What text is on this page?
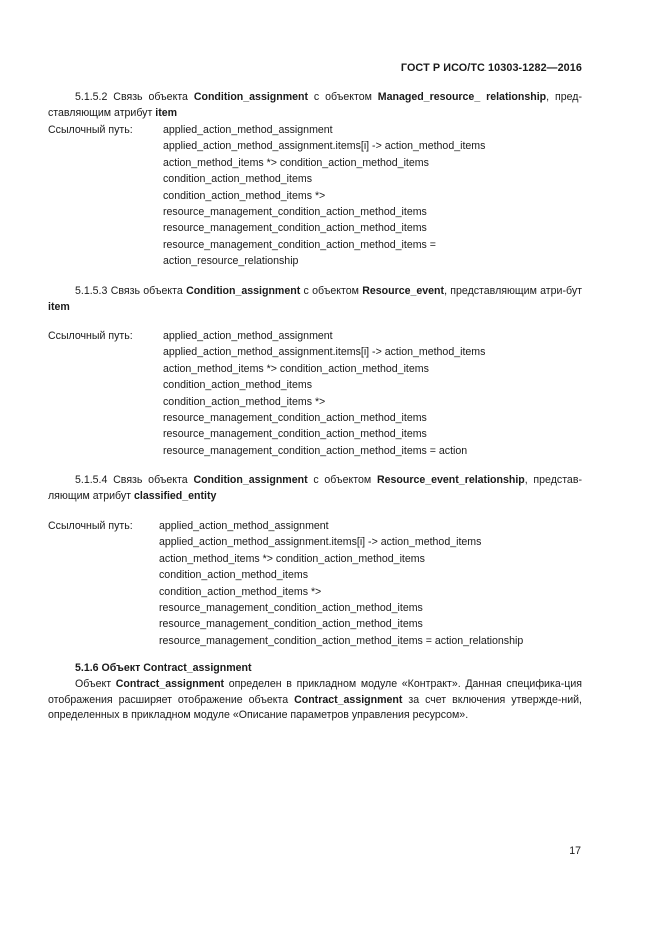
ГОСТ Р ИСО/ТС 10303-1282—2016
5.1.5.2 Связь объекта Condition_assignment с объектом Managed_resource_ relationship, пред-ставляющим атрибут item
Ссылочный путь:	applied_action_method_assignment
applied_action_method_assignment.items[i] -> action_method_items
action_method_items *> condition_action_method_items
condition_action_method_items
condition_action_method_items *>
resource_management_condition_action_method_items
resource_management_condition_action_method_items
resource_management_condition_action_method_items =
action_resource_relationship
5.1.5.3 Связь объекта Condition_assignment с объектом Resource_event, представляющим атри-бут item
Ссылочный путь:	applied_action_method_assignment
applied_action_method_assignment.items[i] -> action_method_items
action_method_items *> condition_action_method_items
condition_action_method_items
condition_action_method_items *>
resource_management_condition_action_method_items
resource_management_condition_action_method_items
resource_management_condition_action_method_items = action
5.1.5.4 Связь объекта Condition_assignment с объектом Resource_event_relationship, представ-ляющим атрибут classified_entity
Ссылочный путь: applied_action_method_assignment
applied_action_method_assignment.items[i] -> action_method_items
action_method_items *> condition_action_method_items
condition_action_method_items
condition_action_method_items *>
resource_management_condition_action_method_items
resource_management_condition_action_method_items
resource_management_condition_action_method_items = action_relationship
5.1.6 Объект Contract_assignment
Объект Contract_assignment определен в прикладном модуле «Контракт». Данная специфика-ция отображения расширяет отображение объекта Contract_assignment за счет включения утвержде-ний, определенных в прикладном модуле «Описание параметров управления ресурсом».
17
